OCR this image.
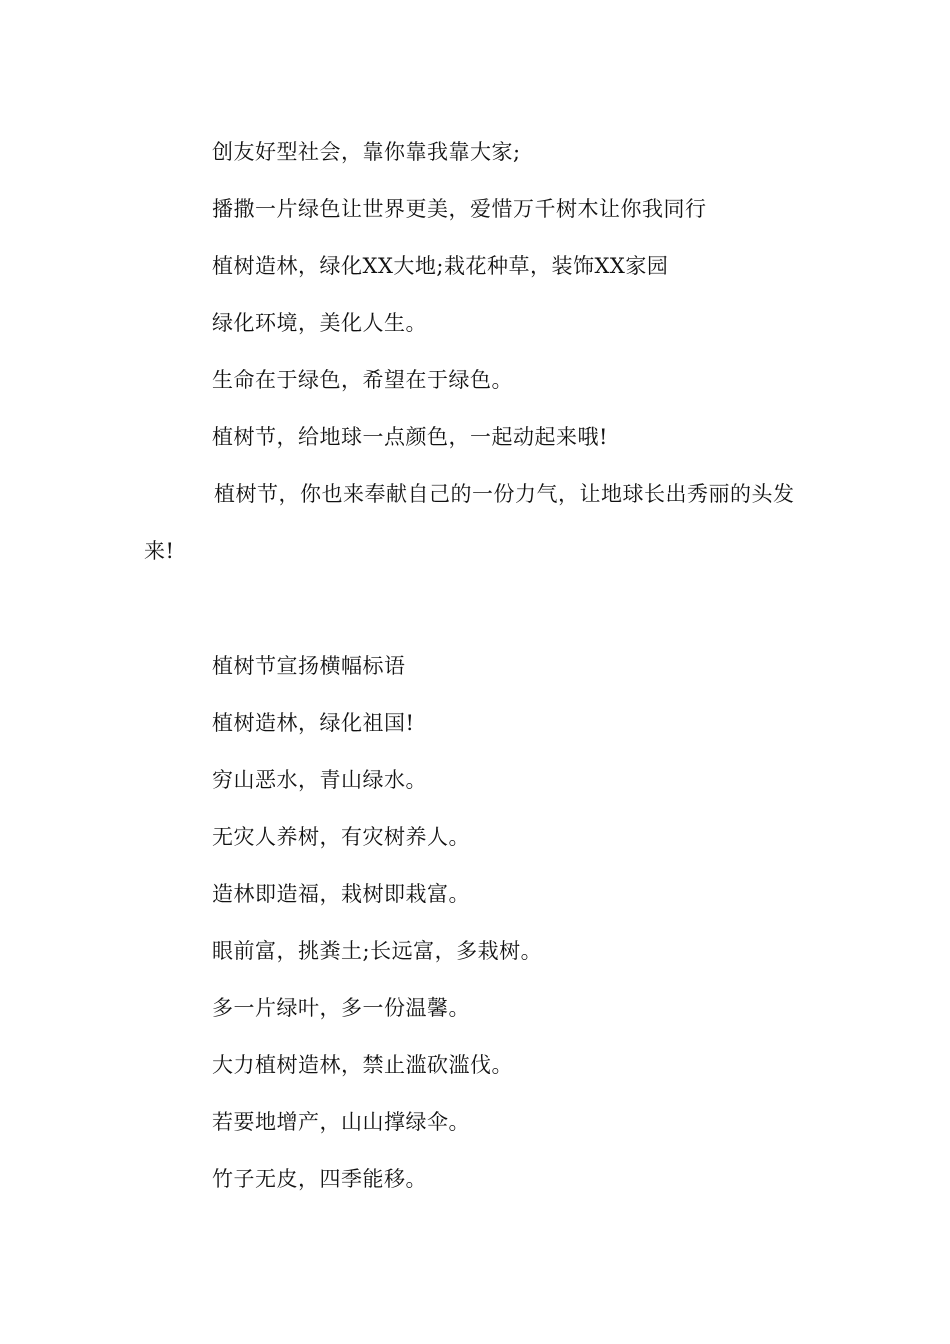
创友好型社会，靠你靠我靠大家;
播撒一片绿色让世界更美，爱惜万千树木让你我同行
植树造林，绿化XX大地;栽花种草，装饰XX家园
绿化环境，美化人生。
生命在于绿色，希望在于绿色。
植树节，给地球一点颜色，一起动起来哦!
植树节，你也来奉献自己的一份力气，让地球长出秀丽的头发来!
植树节宣扬横幅标语
植树造林，绿化祖国!
穷山恶水，青山绿水。
无灾人养树，有灾树养人。
造林即造福，栽树即栽富。
眼前富，挑粪土;长远富，多栽树。
多一片绿叶，多一份温馨。
大力植树造林，禁止滥砍滥伐。
若要地增产，山山撑绿伞。
竹子无皮，四季能移。
